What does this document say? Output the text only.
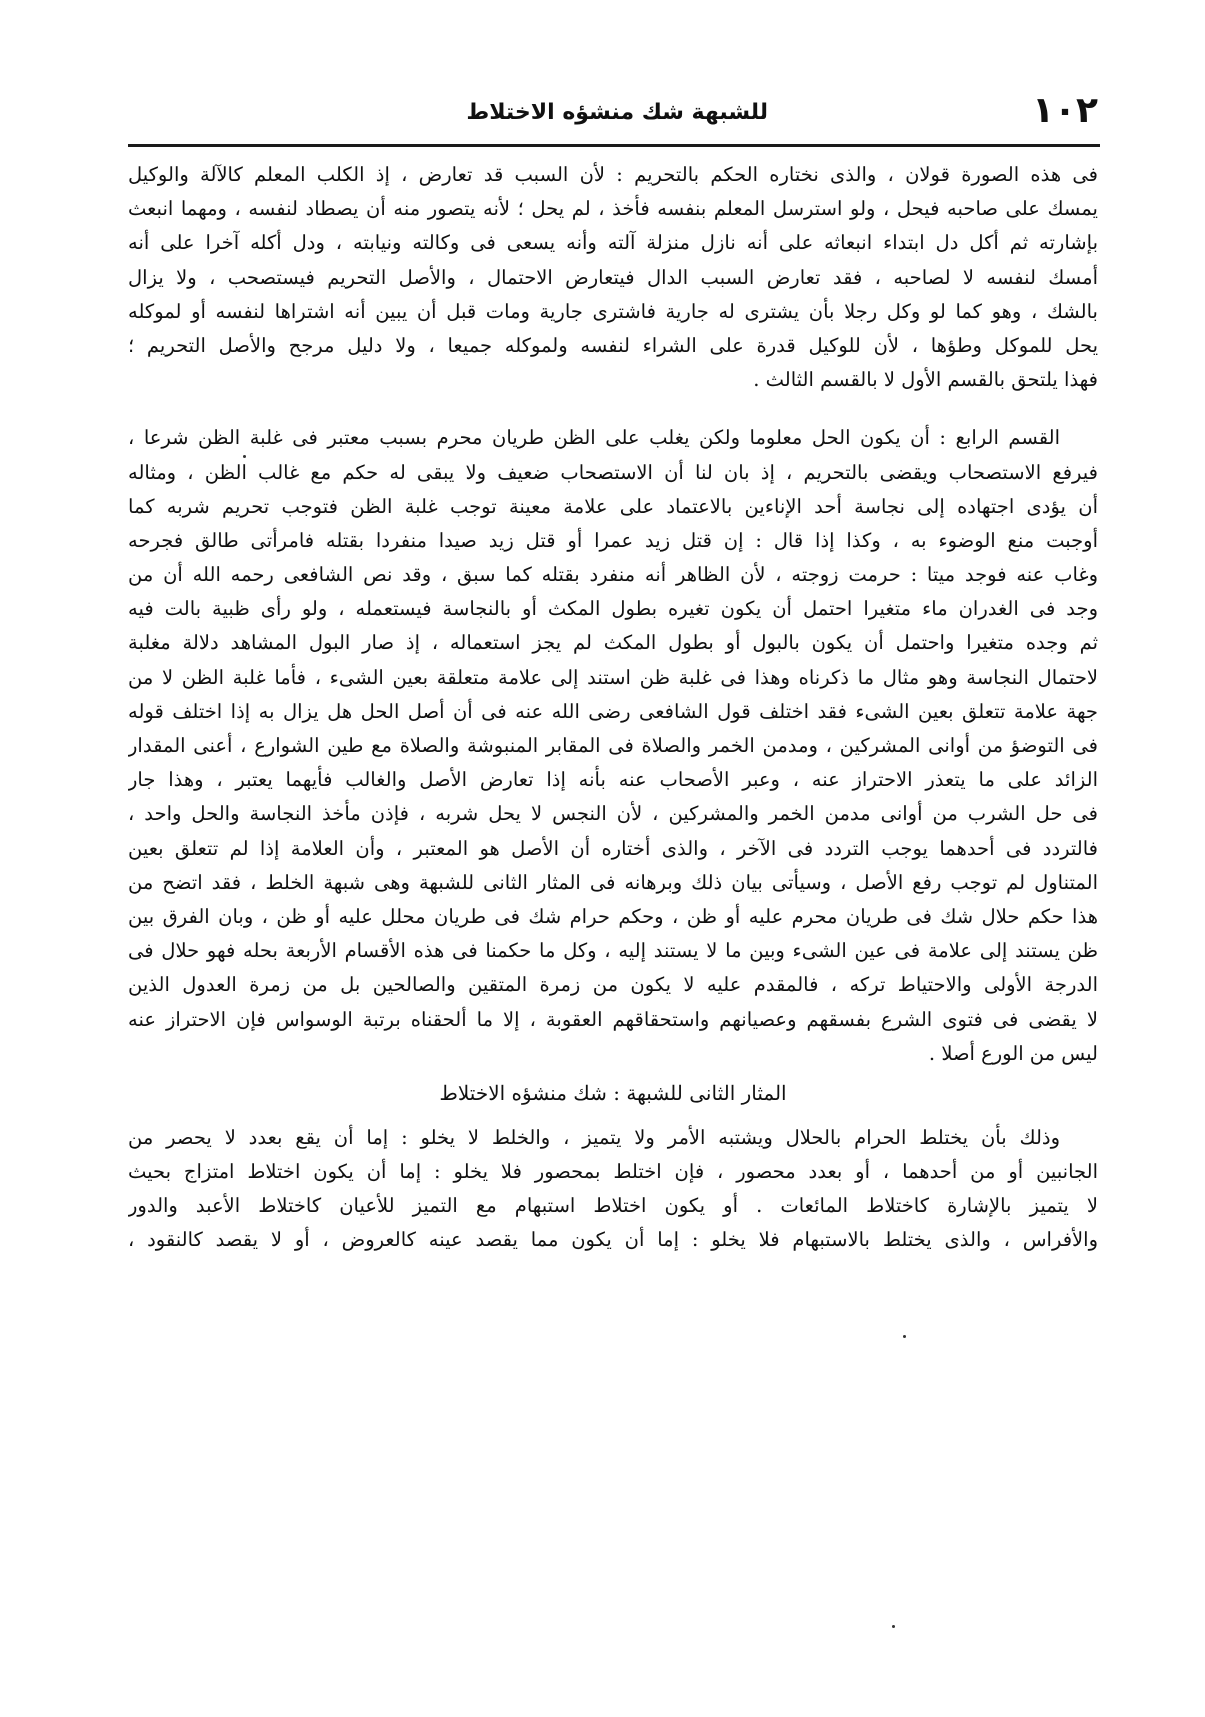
١٠٢
للشبهة شك منشؤه الاختلاط
فى هذه الصورة قولان ، والذى نختاره الحكم بالتحريم : لأن السبب قد تعارض ، إذ الكلب المعلم كالآلة والوكيل
يمسك على صاحبه فيحل ، ولو استرسل المعلم بنفسه فأخذ ، لم يحل ؛ لأنه يتصور منه أن يصطاد لنفسه ، ومهما انبعث
بإشارته ثم أكل دل ابتداء انبعاثه على أنه نازل منزلة آلته وأنه يسعى فى وكالته ونيابته ، ودل أكله آخرا على أنه
أمسك لنفسه لا لصاحبه ، فقد تعارض السبب الدال فيتعارض الاحتمال ، والأصل التحريم فيستصحب ، ولا يزال
بالشك ، وهو كما لو وكل رجلا بأن يشترى له جارية فاشترى جارية ومات قبل أن يبين أنه اشتراها لنفسه أو لموكله
يحل للموكل وطؤها ، لأن للوكيل قدرة على الشراء لنفسه ولموكله جميعا ، ولا دليل مرجح والأصل التحريم ؛
فهذا يلتحق بالقسم الأول لا بالقسم الثالث .
القسم الرابع : أن يكون الحل معلوما ولكن يغلب على الظن طريان محرم بسبب معتبر فى غلبة الظن شرعا ،
فيرفع الاستصحاب ويقضى بالتحريم ، إذ بان لنا أن الاستصحاب ضعيف ولا يبقى له حكم مع غالب الظن ، ومثاله
أن يؤدى اجتهاده إلى نجاسة أحد الإناءين بالاعتماد على علامة معينة توجب غلبة الظن فتوجب تحريم شربه كما
أوجبت منع الوضوء به ، وكذا إذا قال : إن قتل زيد عمرا أو قتل زيد صيدا منفردا بقتله فامرأتى طالق فجرحه
وغاب عنه فوجد ميتا : حرمت زوجته ، لأن الظاهر أنه منفرد بقتله كما سبق ، وقد نص الشافعى رحمه الله أن من
وجد فى الغدران ماء متغيرا احتمل أن يكون تغيره بطول المكث أو بالنجاسة فيستعمله ، ولو رأى ظبية بالت فيه
ثم وجده متغيرا واحتمل أن يكون بالبول أو بطول المكث لم يجز استعماله ، إذ صار البول المشاهد دلالة مغلبة
لاحتمال النجاسة وهو مثال ما ذكرناه وهذا فى غلبة ظن استند إلى علامة متعلقة بعين الشىء ، فأما غلبة الظن لا من
جهة علامة تتعلق بعين الشىء فقد اختلف قول الشافعى رضى الله عنه فى أن أصل الحل هل يزال به إذا اختلف قوله
فى التوضؤ من أوانى المشركين ، ومدمن الخمر والصلاة فى المقابر المنبوشة والصلاة مع طين الشوارع ، أعنى المقدار
الزائد على ما يتعذر الاحتراز عنه ، وعبر الأصحاب عنه بأنه إذا تعارض الأصل والغالب فأيهما يعتبر ، وهذا جار
فى حل الشرب من أوانى مدمن الخمر والمشركين ، لأن النجس لا يحل شربه ، فإذن مأخذ النجاسة والحل واحد ،
فالتردد فى أحدهما يوجب التردد فى الآخر ، والذى أختاره أن الأصل هو المعتبر ، وأن العلامة إذا لم تتعلق بعين
المتناول لم توجب رفع الأصل ، وسيأتى بيان ذلك وبرهانه فى المثار الثانى للشبهة وهى شبهة الخلط ، فقد اتضح من
هذا حكم حلال شك فى طريان محرم عليه أو ظن ، وحكم حرام شك فى طريان محلل عليه أو ظن ، وبان الفرق بين
ظن يستند إلى علامة فى عين الشىء وبين ما لا يستند إليه ، وكل ما حكمنا فى هذه الأقسام الأربعة بحله فهو حلال فى
الدرجة الأولى والاحتياط تركه ، فالمقدم عليه لا يكون من زمرة المتقين والصالحين بل من زمرة العدول الذين
لا يقضى فى فتوى الشرع بفسقهم وعصيانهم واستحقاقهم العقوبة ، إلا ما ألحقناه برتبة الوسواس فإن الاحتراز عنه
ليس من الورع أصلا .
المثار الثانى للشبهة : شك منشؤه الاختلاط
وذلك بأن يختلط الحرام بالحلال ويشتبه الأمر ولا يتميز ، والخلط لا يخلو : إما أن يقع بعدد لا يحصر من
الجانبين أو من أحدهما ، أو بعدد محصور ، فإن اختلط بمحصور فلا يخلو : إما أن يكون اختلاط امتزاج بحيث
لا يتميز بالإشارة كاختلاط المائعات . أو يكون اختلاط استبهام مع التميز للأعيان كاختلاط الأعبد والدور
والأفراس ، والذى يختلط بالاستبهام فلا يخلو : إما أن يكون مما يقصد عينه كالعروض ، أو لا يقصد كالنقود ،
